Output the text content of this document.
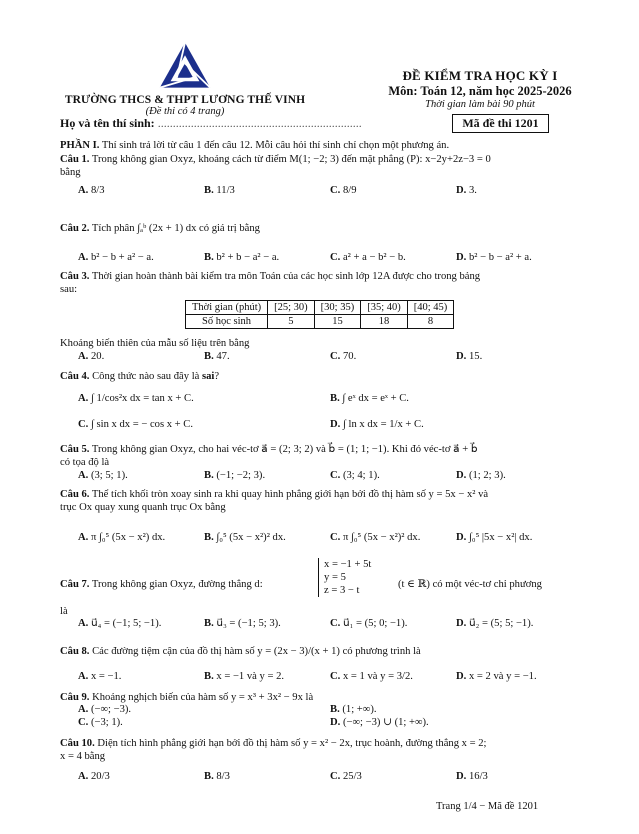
TRƯỜNG THCS & THPT LƯƠNG THẾ VINH
(Đề thi có 4 trang)
ĐỀ KIỂM TRA HỌC KỲ I
Môn: Toán 12, năm học 2025-2026
Thời gian làm bài 90 phút
Họ và tên thí sinh: ....................................................................	Mã đề thi 1201
PHẦN I. Thí sinh trả lời từ câu 1 đến câu 12. Mỗi câu hỏi thí sinh chỉ chọn một phương án.
Câu 1. Trong không gian Oxyz, khoảng cách từ điểm M(1; −2; 3) đến mặt phẳng (P): x−2y+2z−3 = 0
bằng
A. 8/3	B. 11/3	C. 8/9	D. 3.
Câu 2. Tích phân ∫ₐᵇ (2x + 1) dx có giá trị bằng
A. b² − b + a² − a.	B. b² + b − a² − a.	C. a² + a − b² − b.	D. b² − b − a² + a.
Câu 3. Thời gian hoàn thành bài kiểm tra môn Toán của các học sinh lớp 12A được cho trong bảng
sau:
Thời gian (phút)	[25; 30)	[30; 35)	[35; 40)	[40; 45)
Số học sinh	5	15	18	8
Khoảng biến thiên của mẫu số liệu trên bằng
A. 20.	B. 47.	C. 70.	D. 15.
Câu 4. Công thức nào sau đây là sai?
A. ∫ 1/cos²x dx = tan x + C.	B. ∫ eˣ dx = eˣ + C.
C. ∫ sin x dx = − cos x + C.	D. ∫ ln x dx = 1/x + C.
Câu 5. Trong không gian Oxyz, cho hai véc-tơ a⃗ = (2; 3; 2) và b⃗ = (1; 1; −1). Khi đó véc-tơ a⃗ + b⃗
có tọa độ là
A. (3; 5; 1).	B. (−1; −2; 3).	C. (3; 4; 1).	D. (1; 2; 3).
Câu 6. Thể tích khối tròn xoay sinh ra khi quay hình phẳng giới hạn bởi đồ thị hàm số y = 5x − x² và
trục Ox quay xung quanh trục Ox bằng
A. π ∫₀⁵ (5x − x²) dx.	B. ∫₀⁵ (5x − x²)² dx.	C. π ∫₀⁵ (5x − x²)² dx.	D. ∫₀⁵ |5x − x²| dx.
Câu 7. Trong không gian Oxyz, đường thẳng d:
x = −1 + 5t
y = 5
z = 3 − t
(t ∈ ℝ) có một véc-tơ chỉ phương
là
A. u⃗₄ = (−1; 5; −1).	B. u⃗₃ = (−1; 5; 3).	C. u⃗₁ = (5; 0; −1).	D. u⃗₂ = (5; 5; −1).
Câu 8. Các đường tiệm cận của đồ thị hàm số y = (2x − 3)/(x + 1) có phương trình là
A. x = −1.	B. x = −1 và y = 2.	C. x = 1 và y = 3/2.	D. x = 2 và y = −1.
Câu 9. Khoảng nghịch biến của hàm số y = x³ + 3x² − 9x là
A. (−∞; −3).	B. (1; +∞).
C. (−3; 1).	D. (−∞; −3) ∪ (1; +∞).
Câu 10. Diện tích hình phẳng giới hạn bởi đồ thị hàm số y = x² − 2x, trục hoành, đường thẳng x = 2;
x = 4 bằng
A. 20/3	B. 8/3	C. 25/3	D. 16/3
Trang 1/4 − Mã đề 1201
